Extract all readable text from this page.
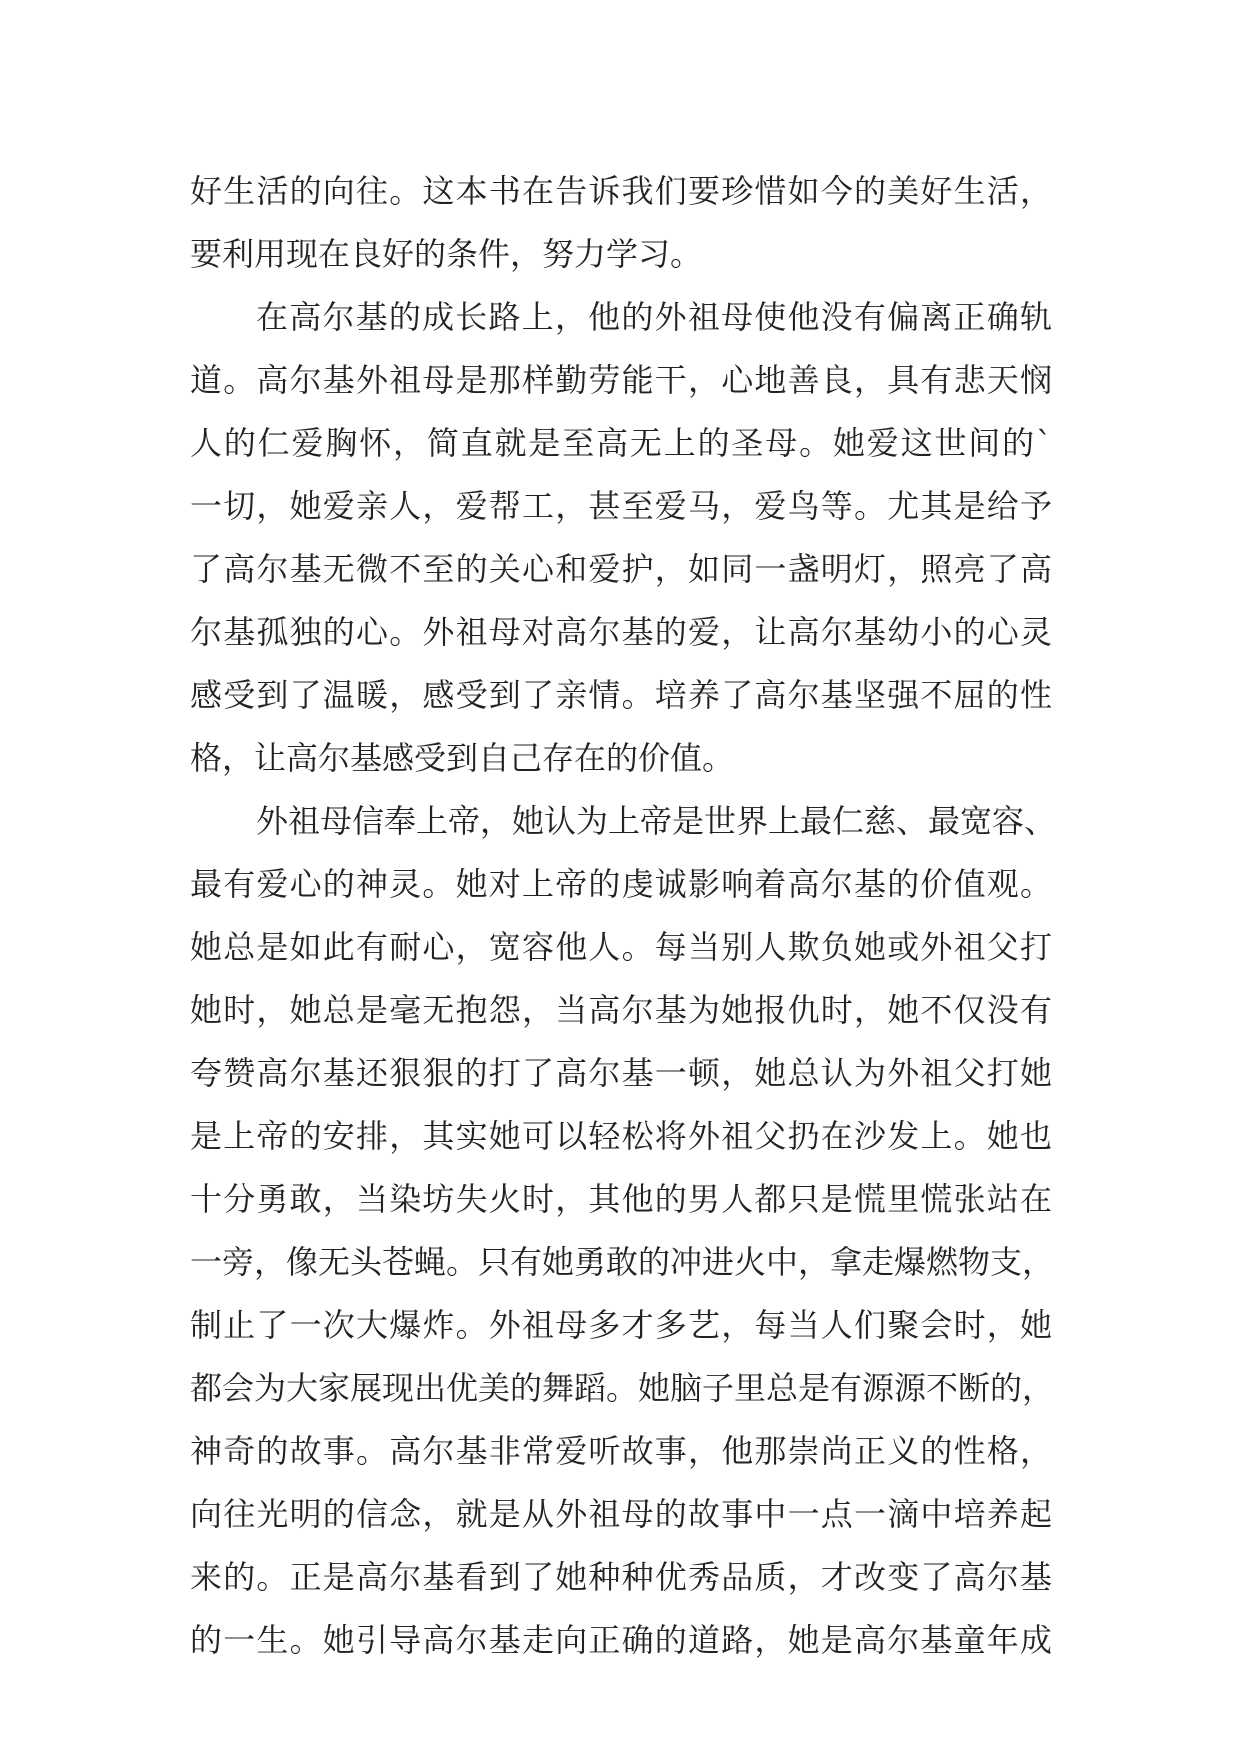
好生活的向往。这本书在告诉我们要珍惜如今的美好生活，
要利用现在良好的条件，努力学习。
在高尔基的成长路上，他的外祖母使他没有偏离正确轨
道。高尔基外祖母是那样勤劳能干，心地善良，具有悲天悯
人的仁爱胸怀，简直就是至高无上的圣母。她爱这世间的`
一切，她爱亲人，爱帮工，甚至爱马，爱鸟等。尤其是给予
了高尔基无微不至的关心和爱护，如同一盏明灯，照亮了高
尔基孤独的心。外祖母对高尔基的爱，让高尔基幼小的心灵
感受到了温暖，感受到了亲情。培养了高尔基坚强不屈的性
格，让高尔基感受到自己存在的价值。
外祖母信奉上帝，她认为上帝是世界上最仁慈、最宽容、
最有爱心的神灵。她对上帝的虔诚影响着高尔基的价值观。
她总是如此有耐心，宽容他人。每当别人欺负她或外祖父打
她时，她总是毫无抱怨，当高尔基为她报仇时，她不仅没有
夸赞高尔基还狠狠的打了高尔基一顿，她总认为外祖父打她
是上帝的安排，其实她可以轻松将外祖父扔在沙发上。她也
十分勇敢，当染坊失火时，其他的男人都只是慌里慌张站在
一旁，像无头苍蝇。只有她勇敢的冲进火中，拿走爆燃物支，
制止了一次大爆炸。外祖母多才多艺，每当人们聚会时，她
都会为大家展现出优美的舞蹈。她脑子里总是有源源不断的，
神奇的故事。高尔基非常爱听故事，他那崇尚正义的性格，
向往光明的信念，就是从外祖母的故事中一点一滴中培养起
来的。正是高尔基看到了她种种优秀品质，才改变了高尔基
的一生。她引导高尔基走向正确的道路，她是高尔基童年成
